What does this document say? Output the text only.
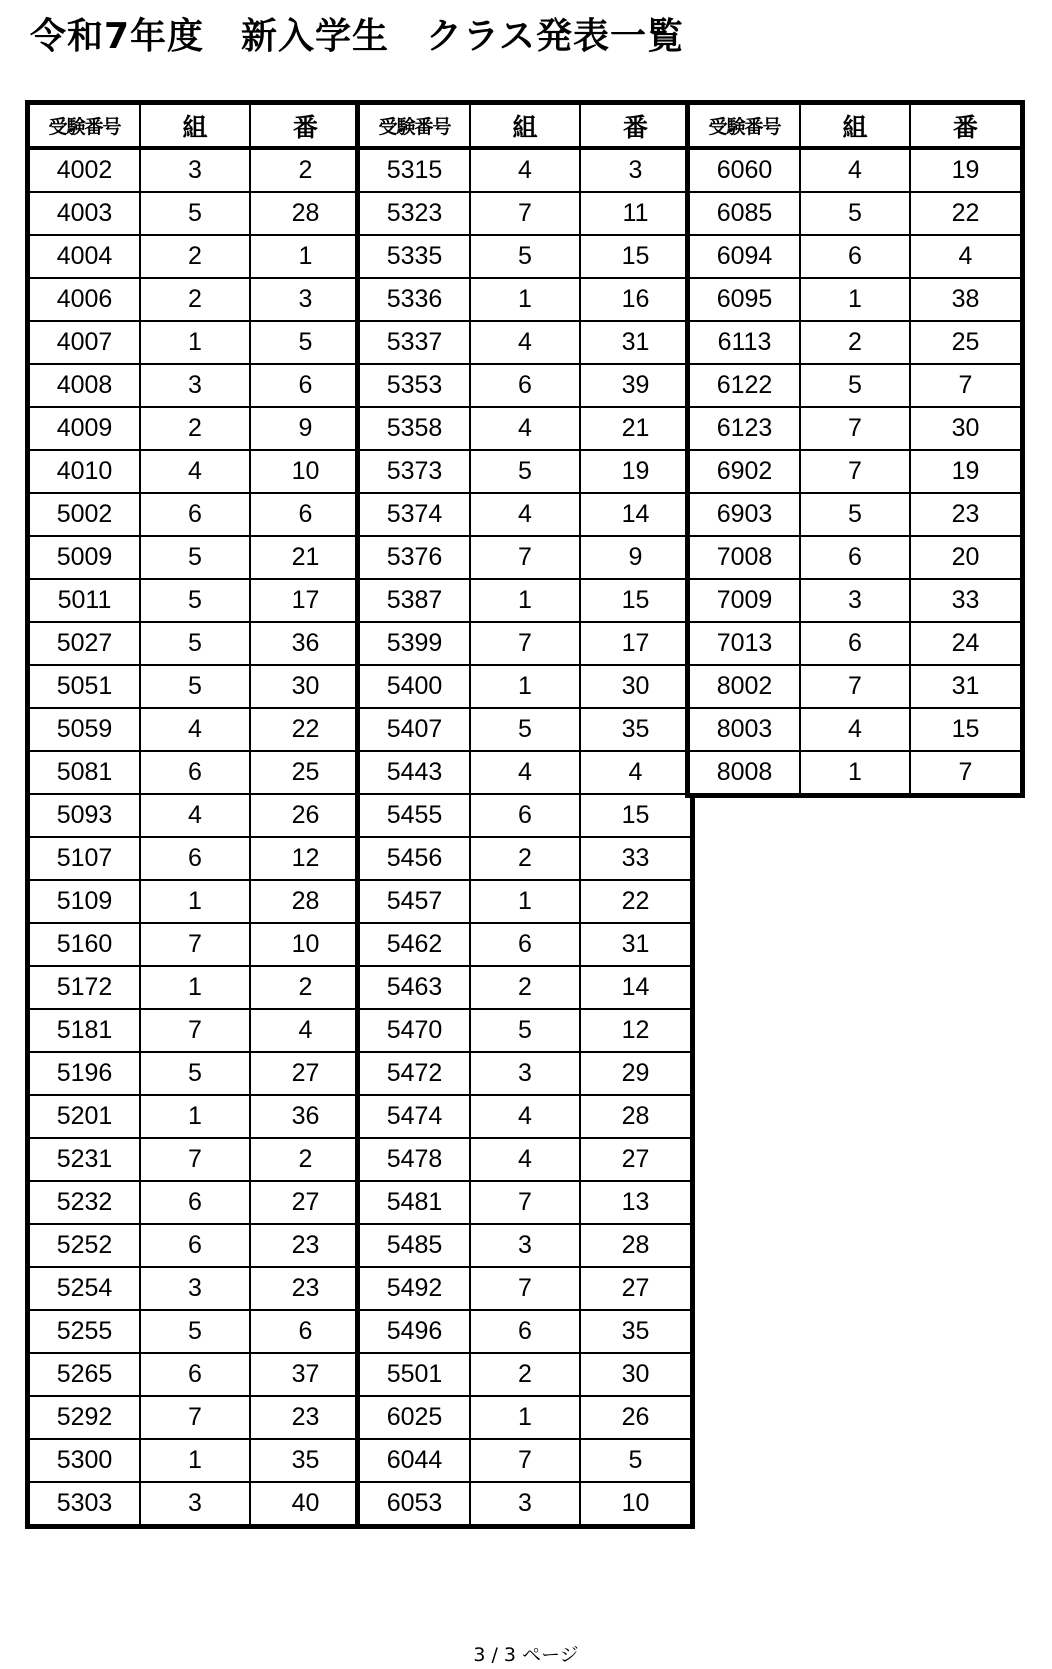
令和7年度　新入学生　クラス発表一覧
受験番号	組	番
4002	3	2
4003	5	28
4004	2	1
4006	2	3
4007	1	5
4008	3	6
4009	2	9
4010	4	10
5002	6	6
5009	5	21
5011	5	17
5027	5	36
5051	5	30
5059	4	22
5081	6	25
5093	4	26
5107	6	12
5109	1	28
5160	7	10
5172	1	2
5181	7	4
5196	5	27
5201	1	36
5231	7	2
5232	6	27
5252	6	23
5254	3	23
5255	5	6
5265	6	37
5292	7	23
5300	1	35
5303	3	40
受験番号	組	番
5315	4	3
5323	7	11
5335	5	15
5336	1	16
5337	4	31
5353	6	39
5358	4	21
5373	5	19
5374	4	14
5376	7	9
5387	1	15
5399	7	17
5400	1	30
5407	5	35
5443	4	4
5455	6	15
5456	2	33
5457	1	22
5462	6	31
5463	2	14
5470	5	12
5472	3	29
5474	4	28
5478	4	27
5481	7	13
5485	3	28
5492	7	27
5496	6	35
5501	2	30
6025	1	26
6044	7	5
6053	3	10
受験番号	組	番
6060	4	19
6085	5	22
6094	6	4
6095	1	38
6113	2	25
6122	5	7
6123	7	30
6902	7	19
6903	5	23
7008	6	20
7009	3	33
7013	6	24
8002	7	31
8003	4	15
8008	1	7
3 / 3 ページ
